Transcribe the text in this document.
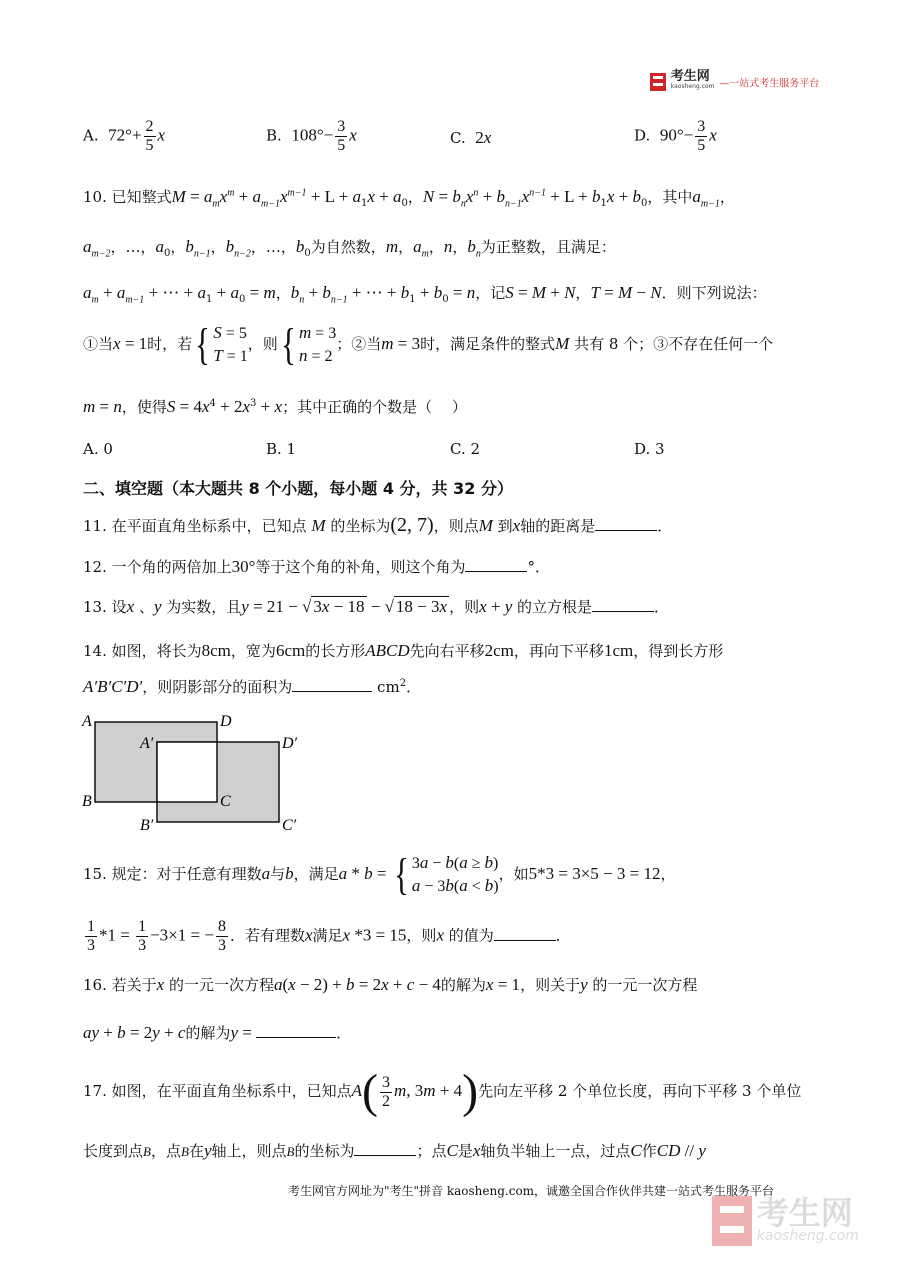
考生网
kaosheng.com —一站式考生服务平台
A. $72^\circ+ \frac{2}{5}$ x	B. $108^\circ- \frac{3}{5}$ x	C. 2x	D. $90^\circ- \frac{3}{5}$ x
10. 已知整式$M = a_mx^m + a_{m-1}x^{m-1} + L + a_1x + a_0$，$N = b_nx^n + b_{n-1}x^{n-1} + L + b_1x + b_0$，其中$a_{m-1}$，
$a_{m-2}$，…，$a_0$，$b_{n-1}$，$b_{n-2}$，…，$b_0$为自然数，m，$a_m$，n，$b_n$为正整数，且满足：
$a_m + a_{m-1}$ + ⋯ + $a_1 + a_0 = m$，$b_n + b_{n-1}$ + ⋯ + $b_1 + b_0 = n$，记S = M + N，T = M − N．则下列说法：
①当x = 1时，若{ S = 5
T = 1，则{ m = 3
n = 2；②当m = 3时，满足条件的整式M 共有 8 个；③不存在任何一个
m = n，使得$S = 4x^4 + 2x^3 + x$；其中正确的个数是（　 ）
A. 0	B. 1	C. 2	D. 3
二、填空题（本大题共 8 个小题，每小题 4 分，共 32 分）
11. 在平面直角坐标系中，已知点 M 的坐标为(2, 7)，则点M 到x轴的距离是	．
12. 一个角的两倍加上30°等于这个角的补角，则这个角为	°．
13. 设x 、y 为实数，且y = 21 − √ 3x − 18 − √ 18 − 3x ，则x + y 的立方根是	．
14. 如图，将长为8cm，宽为6cm的长方形ABCD先向右平移2cm，再向下平移1cm，得到长方形
A′B′C′D′，则阴影部分的面积为	$cm^2$．
A	D
A′	D′
B	C
B′	C′
15. 规定：对于任意有理数a与b，满足a * b = { 3a − b(a ≥ b)
a − 3b(a < b)，如5*3 = 3×5 − 3 = 12，
$\frac{1}{3} *1 = \frac{1}{3} -3\times 1$ = − $\frac{8}{3}$ ．若有理数x满足x *3 = 15，则x 的值为	．
16. 若关于x 的一元一次方程a(x − 2) + b = 2x + c − 4的解为x = 1，则关于y 的一元一次方程
ay + b = 2y + c的解为y =	．
17. 如图，在平面直角坐标系中，已知点$A( \frac{3}{2} m$, 3m + 4)先向左平移 2 个单位长度，再向下平移 3 个单位
长度到点B，点B在y轴上，则点B的坐标为	；点C是x轴负半轴上一点，过点C作CD // y
考生网官方网址为"考生"拼音 kaosheng.com，诚邀全国合作伙伴共建一站式考生服务平台

考生网
kaosheng.com
